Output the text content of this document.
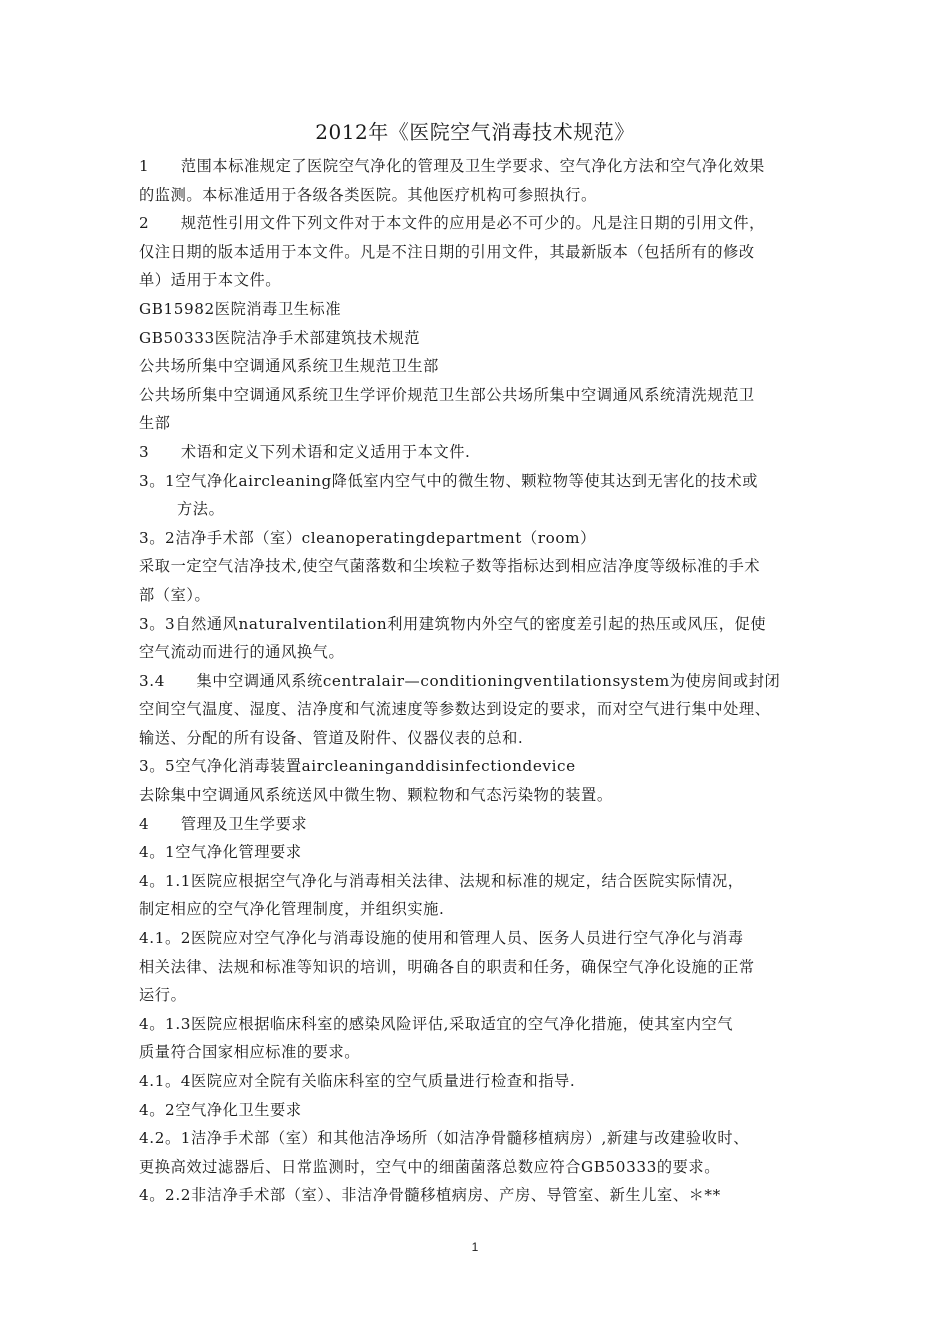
2012年《医院空气消毒技术规范》

1　　范围本标准规定了医院空气净化的管理及卫生学要求、空气净化方法和空气净化效果

的监测。本标准适用于各级各类医院。其他医疗机构可参照执行。

2　　规范性引用文件下列文件对于本文件的应用是必不可少的。凡是注日期的引用文件，

仅注日期的版本适用于本文件。凡是不注日期的引用文件，其最新版本（包括所有的修改

单）适用于本文件。

GB15982医院消毒卫生标准

GB50333医院洁净手术部建筑技术规范

公共场所集中空调通风系统卫生规范卫生部

公共场所集中空调通风系统卫生学评价规范卫生部公共场所集中空调通风系统清洗规范卫

生部

3　　术语和定义下列术语和定义适用于本文件.

3。1空气净化aircleaning降低室内空气中的微生物、颗粒物等使其达到无害化的技术或

方法。

3。2洁净手术部（室）cleanoperatingdepartment（room）

采取一定空气洁净技术,使空气菌落数和尘埃粒子数等指标达到相应洁净度等级标准的手术

部（室）。

3。3自然通风naturalventilation利用建筑物内外空气的密度差引起的热压或风压，促使

空气流动而进行的通风换气。

3.4　　集中空调通风系统centralair—conditioningventilationsystem为使房间或封闭

空间空气温度、湿度、洁净度和气流速度等参数达到设定的要求，而对空气进行集中处理、

输送、分配的所有设备、管道及附件、仪器仪表的总和.

3。5空气净化消毒装置aircleaninganddisinfectiondevice

去除集中空调通风系统送风中微生物、颗粒物和气态污染物的装置。

4　　管理及卫生学要求

4。1空气净化管理要求

4。1.1医院应根据空气净化与消毒相关法律、法规和标准的规定，结合医院实际情况，

制定相应的空气净化管理制度，并组织实施.

4.1。2医院应对空气净化与消毒设施的使用和管理人员、医务人员进行空气净化与消毒

相关法律、法规和标准等知识的培训，明确各自的职责和任务，确保空气净化设施的正常

运行。

4。1.3医院应根据临床科室的感染风险评估,采取适宜的空气净化措施，使其室内空气

质量符合国家相应标准的要求。

4.1。4医院应对全院有关临床科室的空气质量进行检查和指导.

4。2空气净化卫生要求

4.2。1洁净手术部（室）和其他洁净场所（如洁净骨髓移植病房）,新建与改建验收时、

更换高效过滤器后、日常监测时，空气中的细菌菌落总数应符合GB50333的要求。

4。2.2非洁净手术部（室）、非洁净骨髓移植病房、产房、导管室、新生儿室、＊**

1
